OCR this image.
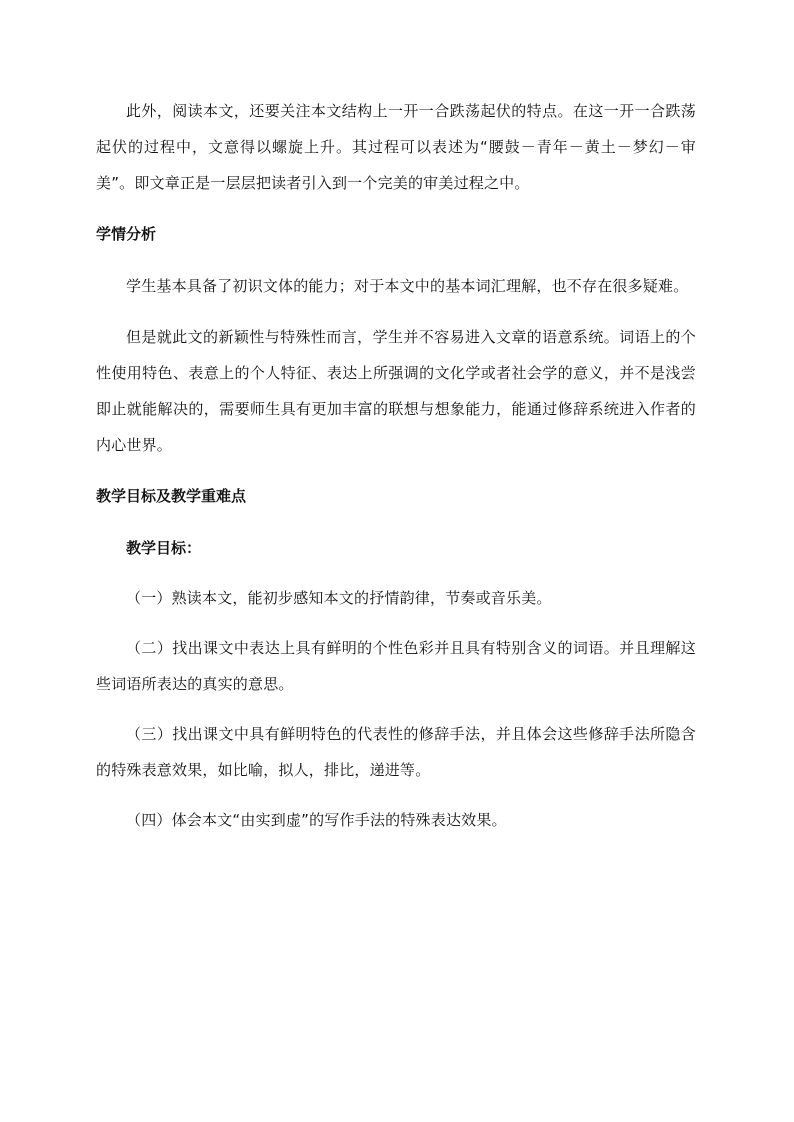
此外，阅读本文，还要关注本文结构上一开一合跌荡起伏的特点。在这一开一合跌荡起伏的过程中，文意得以螺旋上升。其过程可以表述为“腰鼓－青年－黄土－梦幻－审美”。即文章正是一层层把读者引入到一个完美的审美过程之中。

学情分析

学生基本具备了初识文体的能力；对于本文中的基本词汇理解，也不存在很多疑难。

但是就此文的新颖性与特殊性而言，学生并不容易进入文章的语意系统。词语上的个性使用特色、表意上的个人特征、表达上所强调的文化学或者社会学的意义，并不是浅尝即止就能解决的，需要师生具有更加丰富的联想与想象能力，能通过修辞系统进入作者的内心世界。

教学目标及教学重难点
教学目标：

（一）熟读本文，能初步感知本文的抒情韵律，节奏或音乐美。

（二）找出课文中表达上具有鲜明的个性色彩并且具有特别含义的词语。并且理解这些词语所表达的真实的意思。

（三）找出课文中具有鲜明特色的代表性的修辞手法，并且体会这些修辞手法所隐含的特殊表意效果，如比喻，拟人，排比，递进等。

（四）体会本文“由实到虚”的写作手法的特殊表达效果。
